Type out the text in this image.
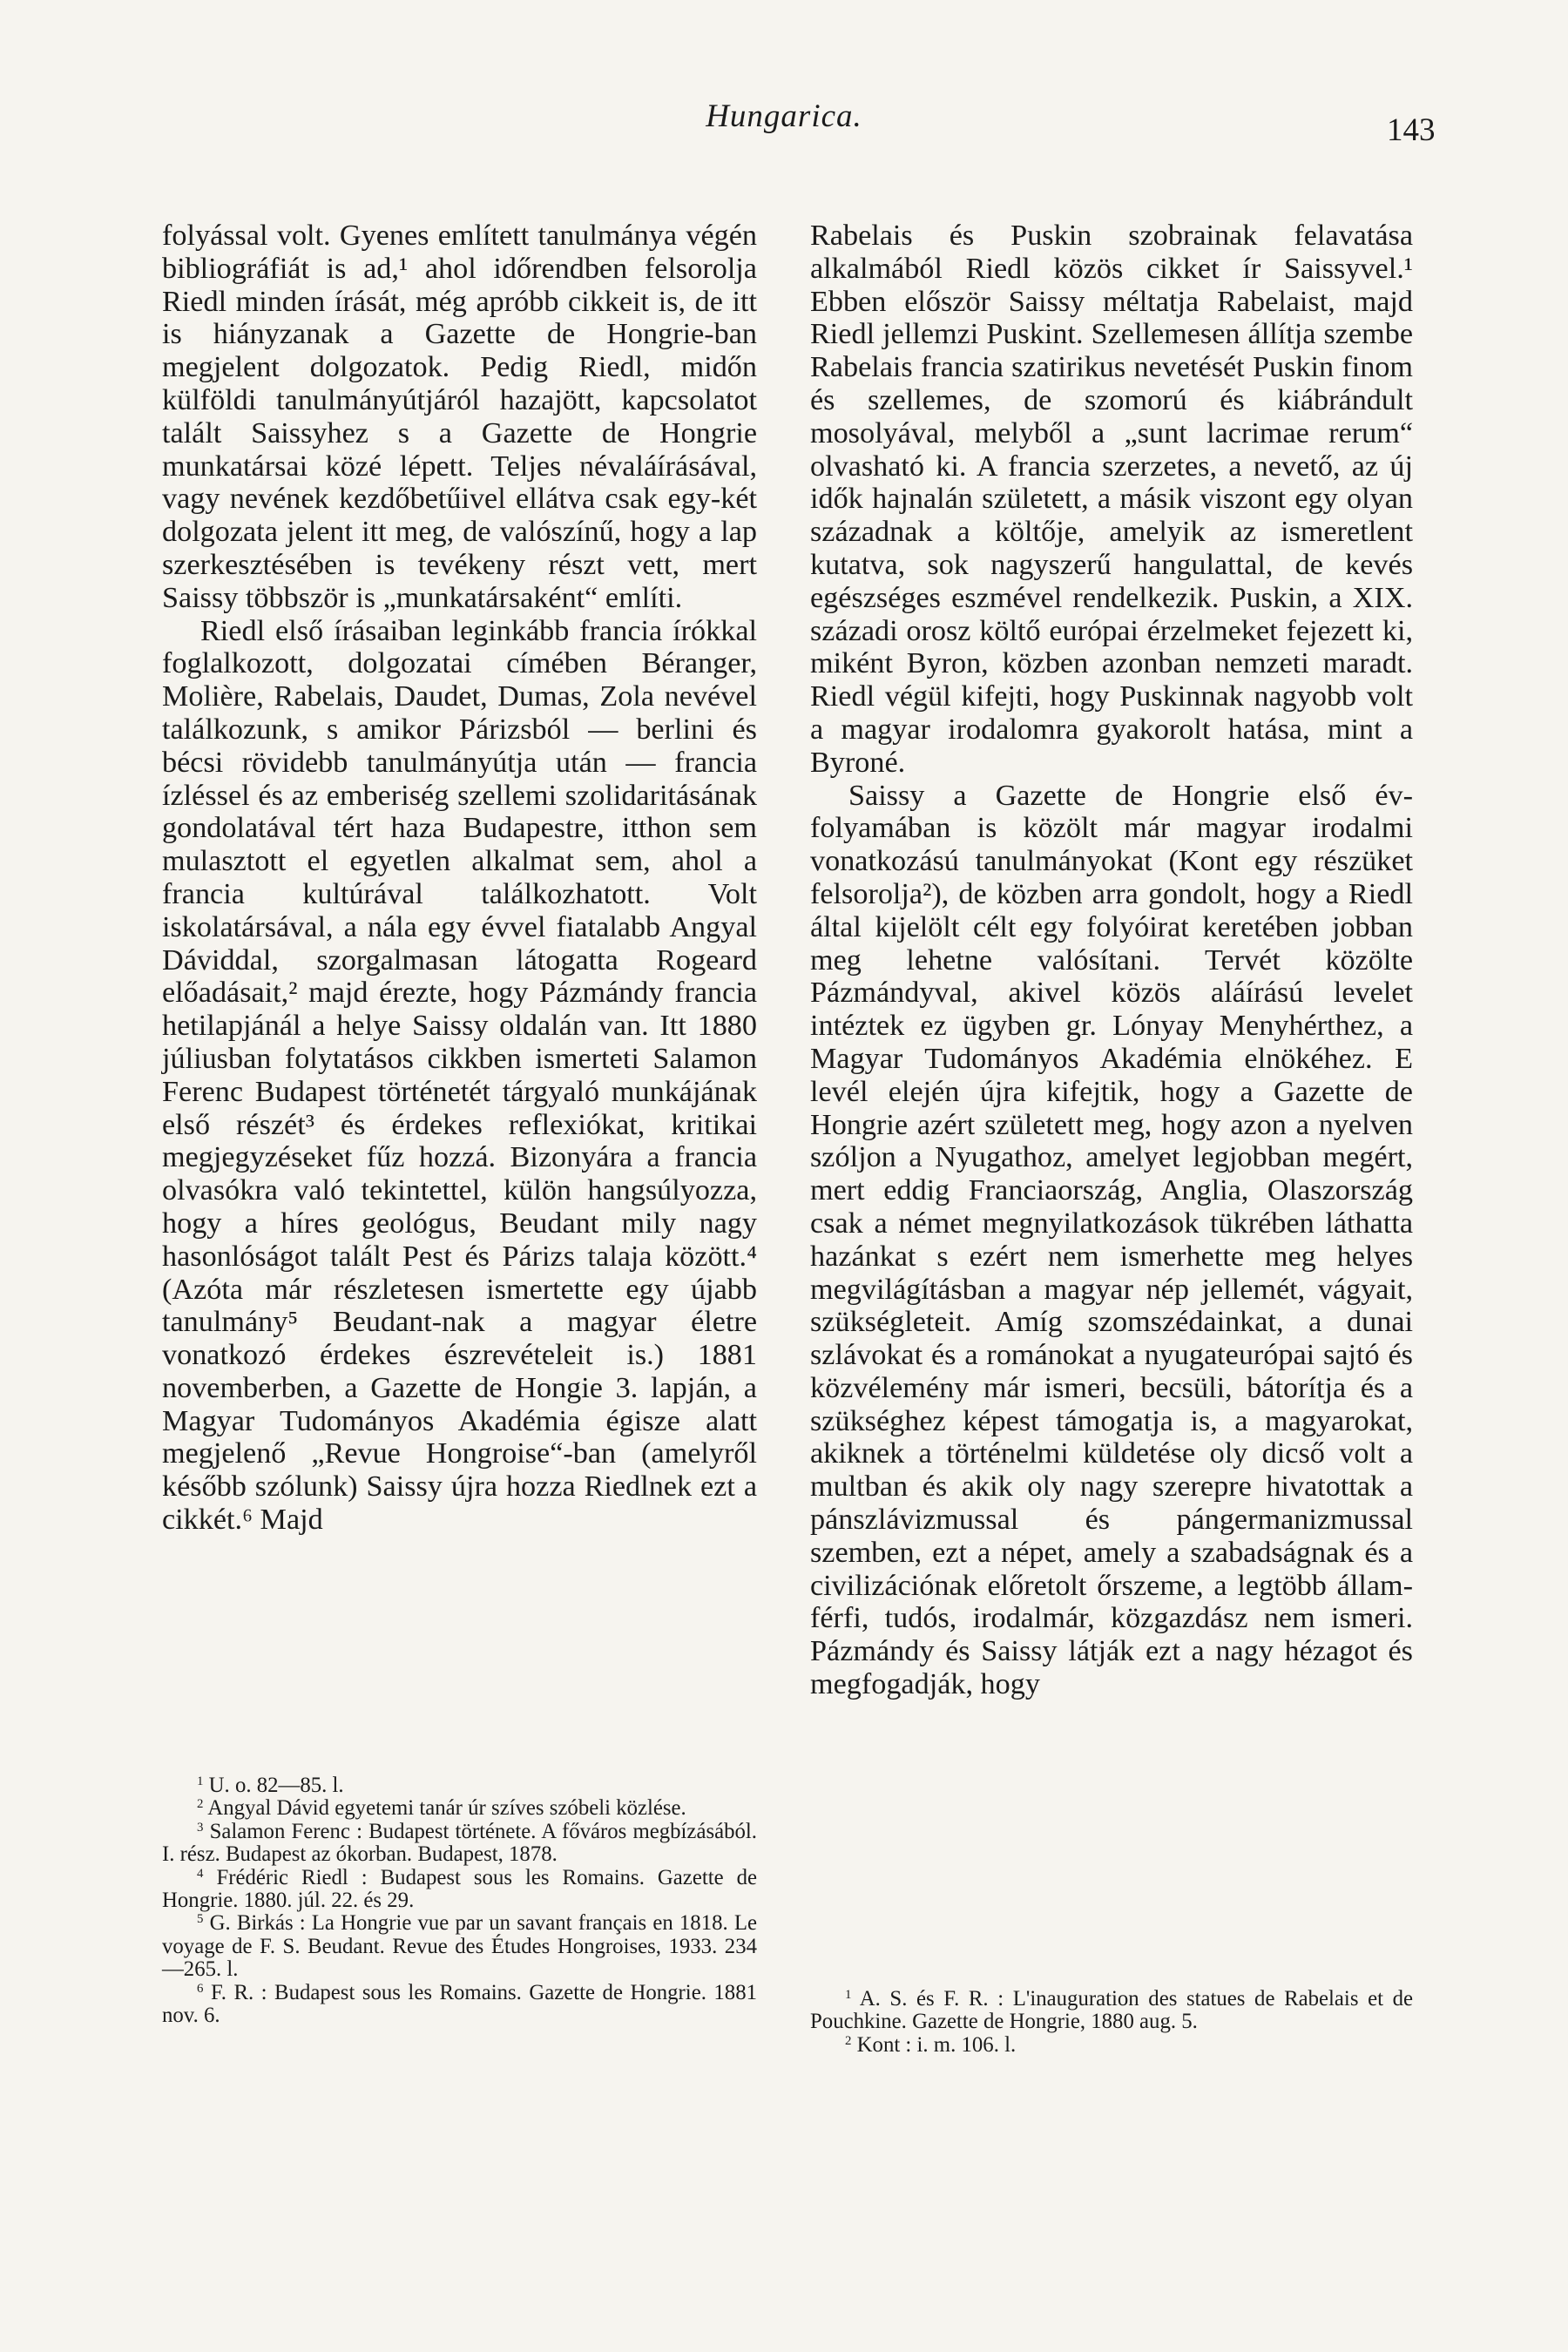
Hungarica.	143

folyással volt. Gyenes említett tanulmánya végén bibliográfiát is ad,¹ ahol időrendben felsorolja Riedl minden írását, még apróbb cikkeit is, de itt is hiányzanak a Gazette de Hongrie-ban megjelent dolgozatok. Pedig Riedl, midőn külföldi tanulmányútjáról hazajött, kapcsolatot talált Saissyhez s a Gazette de Hongrie munkatársai közé lépett. Teljes névaláírásával, vagy nevének kezdőbetűivel ellátva csak egy-két dolgozata jelent itt meg, de valószínű, hogy a lap szerkesztésében is tevékeny részt vett, mert Saissy többször is „munkatársaként“ említi.

Riedl első írásaiban leginkább francia írókkal foglalkozott, dolgozatai címében Béranger, Molière, Rabelais, Daudet, Dumas, Zola nevével találkozunk, s amikor Párizsból — berlini és bécsi rövidebb tanulmányútja után — francia ízléssel és az emberiség szellemi szolidaritásának gondolatával tért haza Budapestre, itthon sem mulasztott el egyetlen alkalmat sem, ahol a francia kultúrával találkozhatott. Volt iskolatársával, a nála egy évvel fiatalabb Angyal Dáviddal, szorgalmasan látogatta Rogeard előadásait,² majd érezte, hogy Pázmándy francia hetilapjánál a helye Saissy oldalán van. Itt 1880 júliusban folytatásos cikkben ismerteti Salamon Ferenc Budapest történetét tárgyaló munkájának első részét³ és érdekes reflexiókat, kritikai megjegyzéseket fűz hozzá. Bizonyára a francia olvasókra való tekintettel, külön hangsúlyozza, hogy a híres geológus, Beudant mily nagy hasonlóságot talált Pest és Párizs talaja között.⁴ (Azóta már részletesen ismertette egy újabb tanulmány⁵ Beudant-nak a magyar életre vonatkozó érdekes észrevételeit is.) 1881 novemberben, a Gazette de Hongie 3. lapján, a Magyar Tudományos Akadémia égisze alatt megjelenő „Revue Hongroise“-ban (amelyről később szólunk) Saissy újra hozza Riedlnek ezt a cikkét.⁶ Majd

Rabelais és Puskin szobrainak felavatása alkalmából Riedl közös cikket ír Saissyvel.¹ Ebben először Saissy méltatja Rabelaist, majd Riedl jellemzi Puskint. Szellemesen állítja szembe Rabelais francia szatirikus nevetését Puskin finom és szellemes, de szomorú és kiábrándult mosolyával, melyből a „sunt lacrimae rerum“ olvasható ki. A francia szerzetes, a nevető, az új idők hajnalán született, a másik viszont egy olyan századnak a költője, amelyik az ismeretlent kutatva, sok nagyszerű hangulattal, de kevés egészséges eszmével rendelkezik. Puskin, a XIX. századi orosz költő európai érzelmeket fejezett ki, miként Byron, közben azonban nemzeti maradt. Riedl végül kifejti, hogy Puskinnak nagyobb volt a magyar irodalomra gyakorolt hatása, mint a Byroné.

Saissy a Gazette de Hongrie első évfolyamában is közölt már magyar irodalmi vonatkozású tanulmányokat (Kont egy részüket felsorolja²), de közben arra gondolt, hogy a Riedl által kijelölt célt egy folyóirat keretében jobban meg lehetne valósítani. Tervét közölte Pázmándyval, akivel közös aláírású levelet intéztek ez ügyben gr. Lónyay Menyhérthez, a Magyar Tudományos Akadémia elnökéhez. E levél elején újra kifejtik, hogy a Gazette de Hongrie azért született meg, hogy azon a nyelven szóljon a Nyugathoz, amelyet legjobban megért, mert eddig Franciaország, Anglia, Olaszország csak a német megnyilatkozások tükrében láthatta hazánkat s ezért nem ismerhette meg helyes megvilágításban a magyar nép jellemét, vágyait, szükségleteit. Amíg szomszédainkat, a dunai szlávokat és a románokat a nyugateurópai sajtó és közvélemény már ismeri, becsüli, bátorítja és a szükséghez képest támogatja is, a magyarokat, akiknek a történelmi küldetése oly dicső volt a multban és akik oly nagy szerepre hivatottak a pánszlávizmussal és pángermanizmussal szemben, ezt a népet, amely a szabadságnak és a civilizációnak előretolt őrszeme, a legtöbb államférfi, tudós, irodalmár, közgazdász nem ismeri. Pázmándy és Saissy látják ezt a nagy hézagot és megfogadják, hogy

$^1$ U. o. 82—85. l.

$^2$ Angyal Dávid egyetemi tanár úr szíves szóbeli közlése.

$^3$ Salamon Ferenc : Budapest története. A főváros megbízásából. I. rész. Budapest az ókorban. Budapest, 1878.

$^4$ Frédéric Riedl : Budapest sous les Romains. Gazette de Hongrie. 1880. júl. 22. és 29.

$^5$ G. Birkás : La Hongrie vue par un savant français en 1818. Le voyage de F. S. Beudant. Revue des Études Hongroises, 1933. 234—265. l.

$^6$ F. R. : Budapest sous les Romains. Gazette de Hongrie. 1881 nov. 6.

$^1$ A. S. és F. R. : L'inauguration des statues de Rabelais et de Pouchkine. Gazette de Hongrie, 1880 aug. 5.

$^2$ Kont : i. m. 106. l.
